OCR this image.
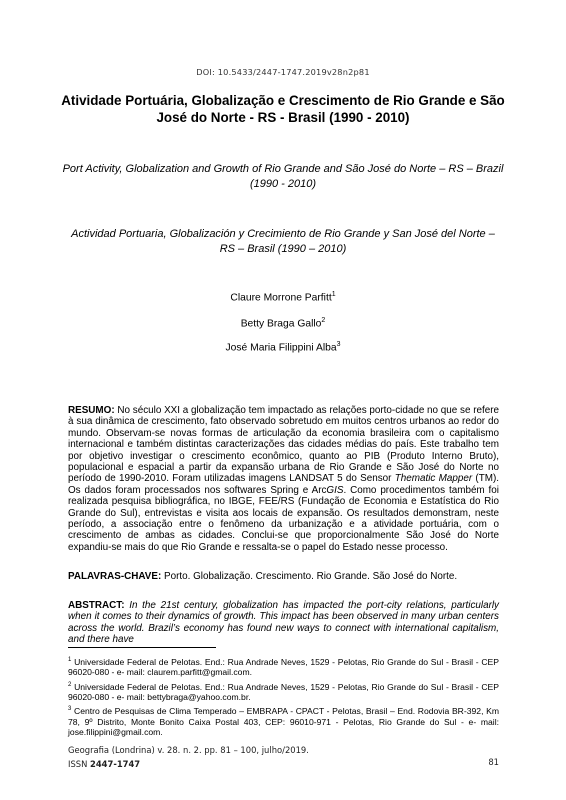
DOI: 10.5433/2447-1747.2019v28n2p81
Atividade Portuária, Globalização e Crescimento de Rio Grande e São José do Norte - RS - Brasil (1990 - 2010)
Port Activity, Globalization and Growth of Rio Grande and São José do Norte – RS – Brazil (1990 - 2010)
Actividad Portuaria, Globalización y Crecimiento de Rio Grande y San José del Norte – RS – Brasil (1990 – 2010)
Claure Morrone Parfitt$^1$
Betty Braga Gallo$^2$
José Maria Filippini Alba$^3$
RESUMO: No século XXI a globalização tem impactado as relações porto-cidade no que se refere à sua dinâmica de crescimento, fato observado sobretudo em muitos centros urbanos ao redor do mundo. Observam-se novas formas de articulação da economia brasileira com o capitalismo internacional e também distintas caracterizações das cidades médias do país. Este trabalho tem por objetivo investigar o crescimento econômico, quanto ao PIB (Produto Interno Bruto), populacional e espacial a partir da expansão urbana de Rio Grande e São José do Norte no período de 1990-2010. Foram utilizadas imagens LANDSAT 5 do Sensor Thematic Mapper (TM). Os dados foram processados nos softwares Spring e ArcGIS. Como procedimentos também foi realizada pesquisa bibliográfica, no IBGE, FEE/RS (Fundação de Economia e Estatística do Rio Grande do Sul), entrevistas e visita aos locais de expansão. Os resultados demonstram, neste período, a associação entre o fenômeno da urbanização e a atividade portuária, com o crescimento de ambas as cidades. Conclui-se que proporcionalmente São José do Norte expandiu-se mais do que Rio Grande e ressalta-se o papel do Estado nesse processo.
PALAVRAS-CHAVE: Porto. Globalização. Crescimento. Rio Grande. São José do Norte.
ABSTRACT: In the 21st century, globalization has impacted the port-city relations, particularly when it comes to their dynamics of growth. This impact has been observed in many urban centers across the world. Brazil’s economy has found new ways to connect with international capitalism, and there have
$^1$ Universidade Federal de Pelotas. End.: Rua Andrade Neves, 1529 - Pelotas, Rio Grande do Sul - Brasil - CEP 96020-080 - e- mail: claurem.parfitt@gmail.com.
$^2$ Universidade Federal de Pelotas. End.: Rua Andrade Neves, 1529 - Pelotas, Rio Grande do Sul - Brasil - CEP 96020-080 - e- mail: bettybraga@yahoo.com.br.
$^3$ Centro de Pesquisas de Clima Temperado – EMBRAPA - CPACT - Pelotas, Brasil – End. Rodovia BR-392, Km 78, 9º Distrito, Monte Bonito Caixa Postal 403, CEP: 96010-971 - Pelotas, Rio Grande do Sul - e- mail: jose.filippini@gmail.com.
Geografia (Londrina) v. 28. n. 2. pp. 81 – 100, julho/2019.
ISSN 2447-1747	81
